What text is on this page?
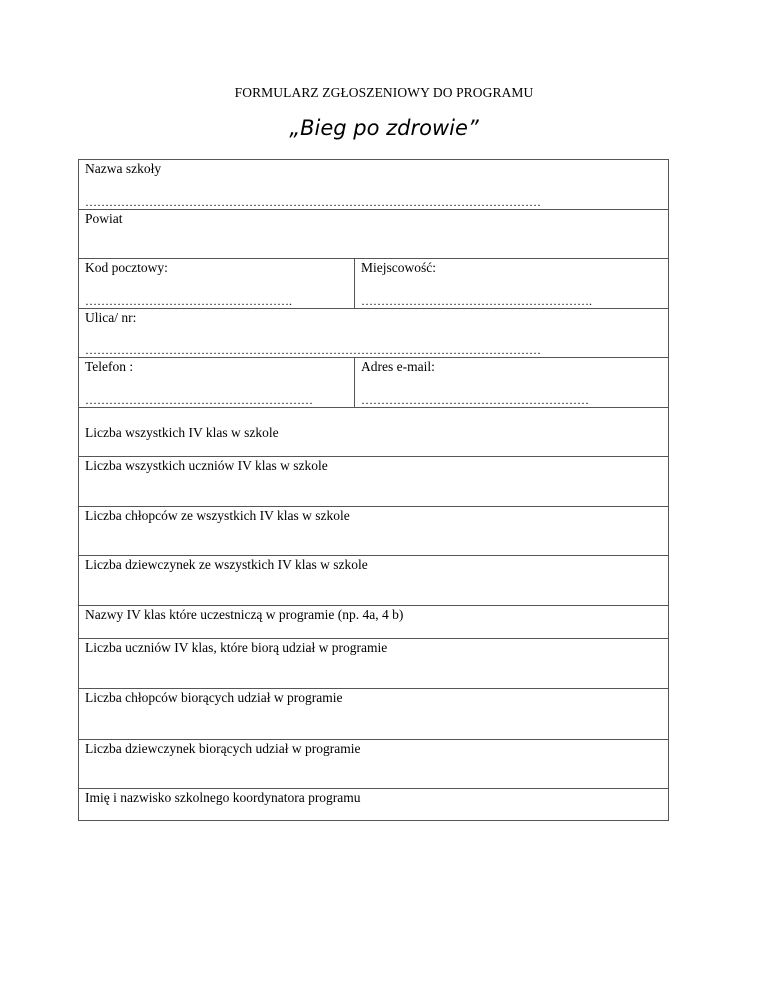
FORMULARZ ZGŁOSZENIOWY DO PROGRAMU
„Bieg po zdrowie”
Nazwa szkoły
……………………………………………………………………………………………………
Powiat
Kod pocztowy:
…………………………………………….
Miejscowość:
………………………………………………….
Ulica/ nr:
……………………………………………………………………………………………………
Telefon :
…………………………………………………
Adres e-mail:
…………………………………………………
Liczba wszystkich IV klas w szkole
Liczba wszystkich uczniów IV klas w szkole
Liczba chłopców ze wszystkich IV klas w szkole
Liczba dziewczynek ze wszystkich IV klas w szkole
Nazwy IV klas które uczestniczą w programie (np. 4a, 4 b)
Liczba uczniów IV klas, które biorą udział w programie
Liczba chłopców biorących udział w programie
Liczba dziewczynek biorących udział w programie
Imię i nazwisko szkolnego koordynatora programu
